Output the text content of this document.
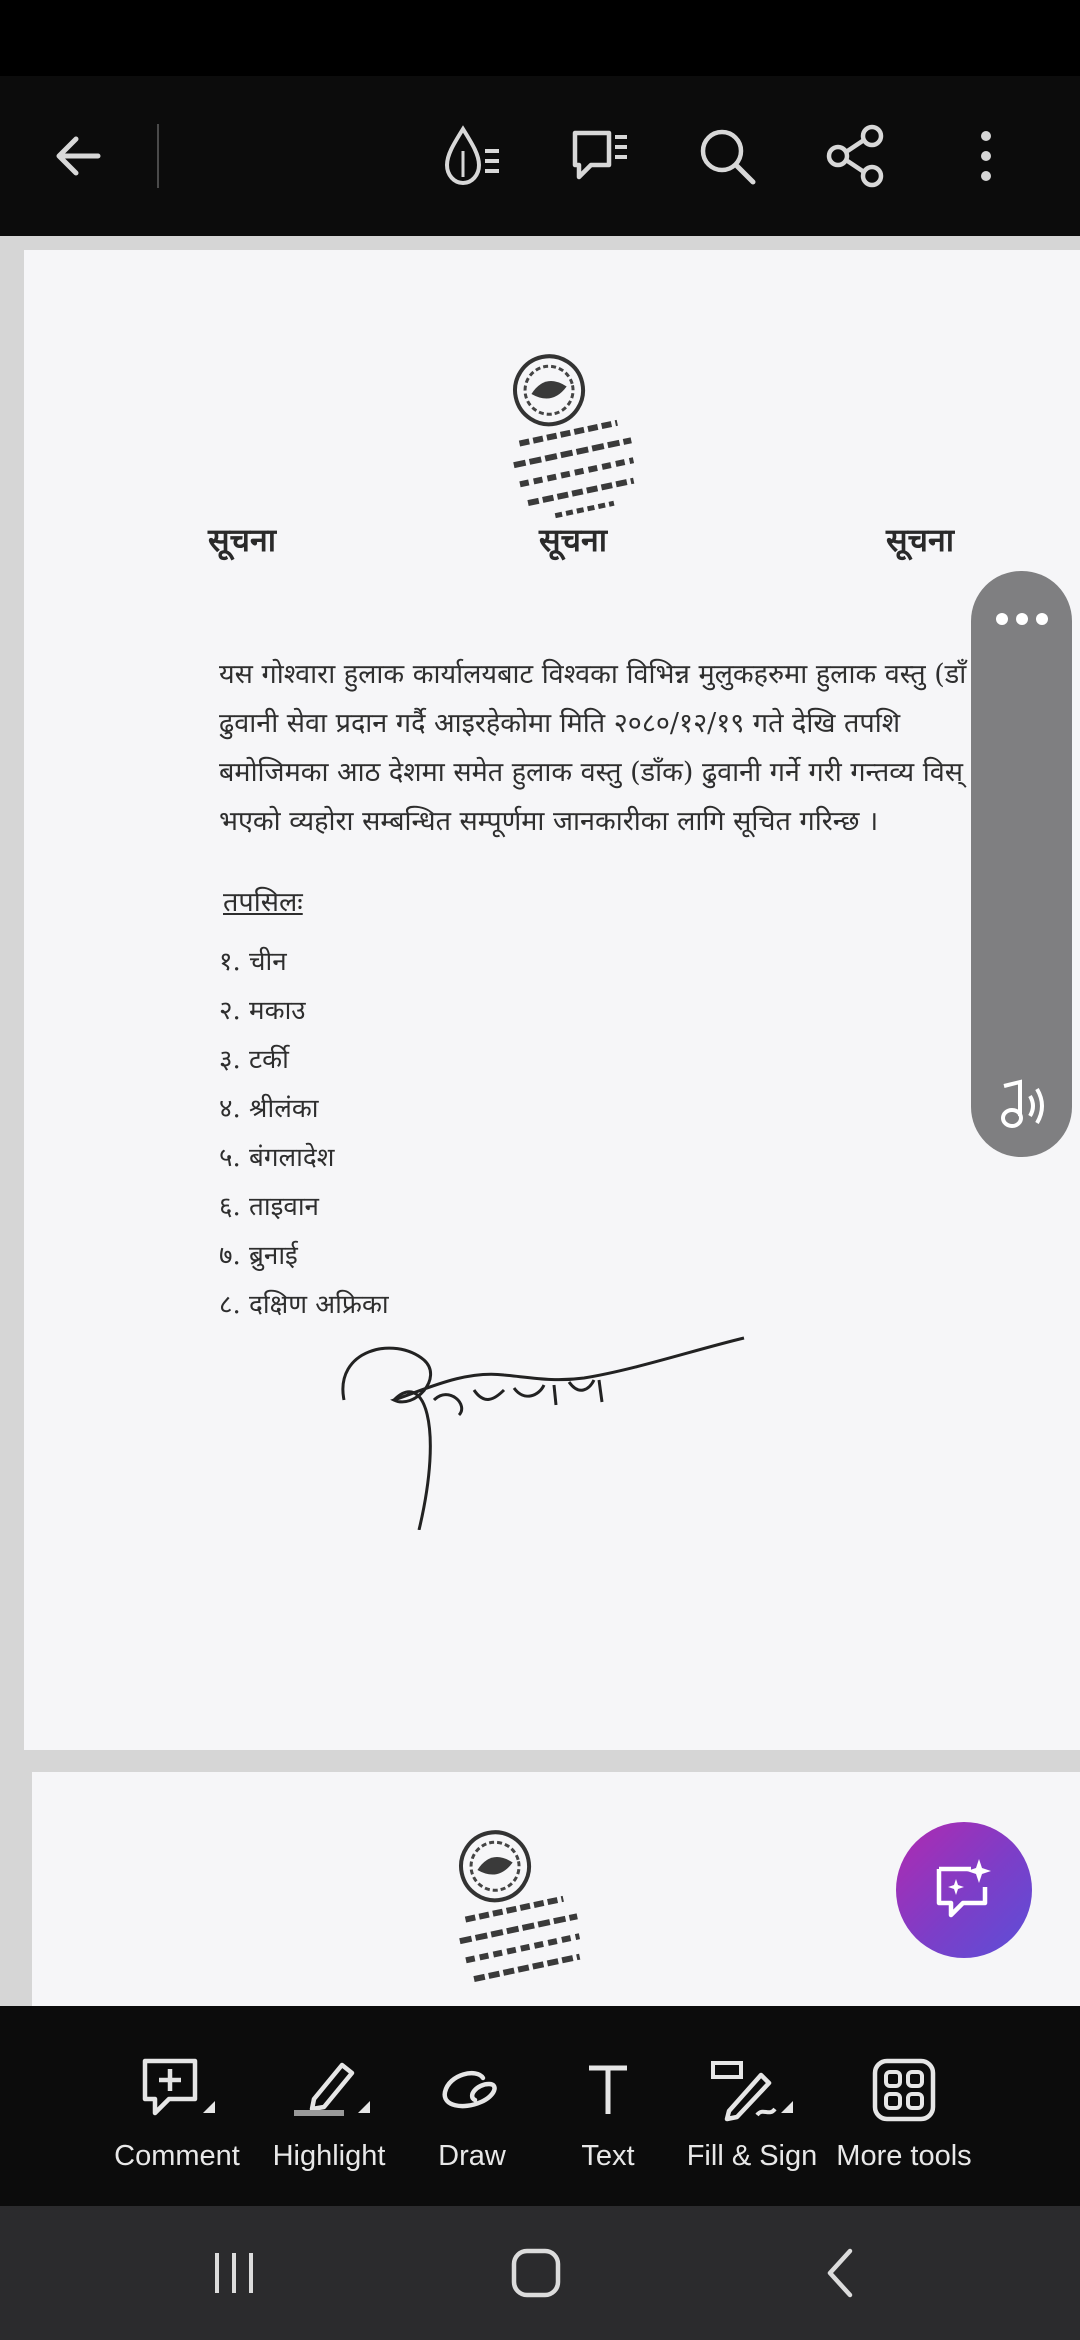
सूचना	सूचना	सूचना
यस गोश्वारा हुलाक कार्यालयबाट विश्वका विभिन्न मुलुकहरुमा हुलाक वस्तु (डाँ
ढुवानी सेवा प्रदान गर्दै आइरहेकोमा मिति २०८०/१२/१९ गते देखि तपशि
बमोजिमका आठ देशमा समेत हुलाक वस्तु (डाँक) ढुवानी गर्ने गरी गन्तव्य विस्
भएको व्यहोरा सम्बन्धित सम्पूर्णमा जानकारीका लागि सूचित गरिन्छ ।
तपसिलः
१. चीन
२. मकाउ
३. टर्की
४. श्रीलंका
५. बंगलादेश
६. ताइवान
७. ब्रुनाई
८. दक्षिण अफ्रिका
Comment Highlight Draw	Text Fill & Sign More tools
